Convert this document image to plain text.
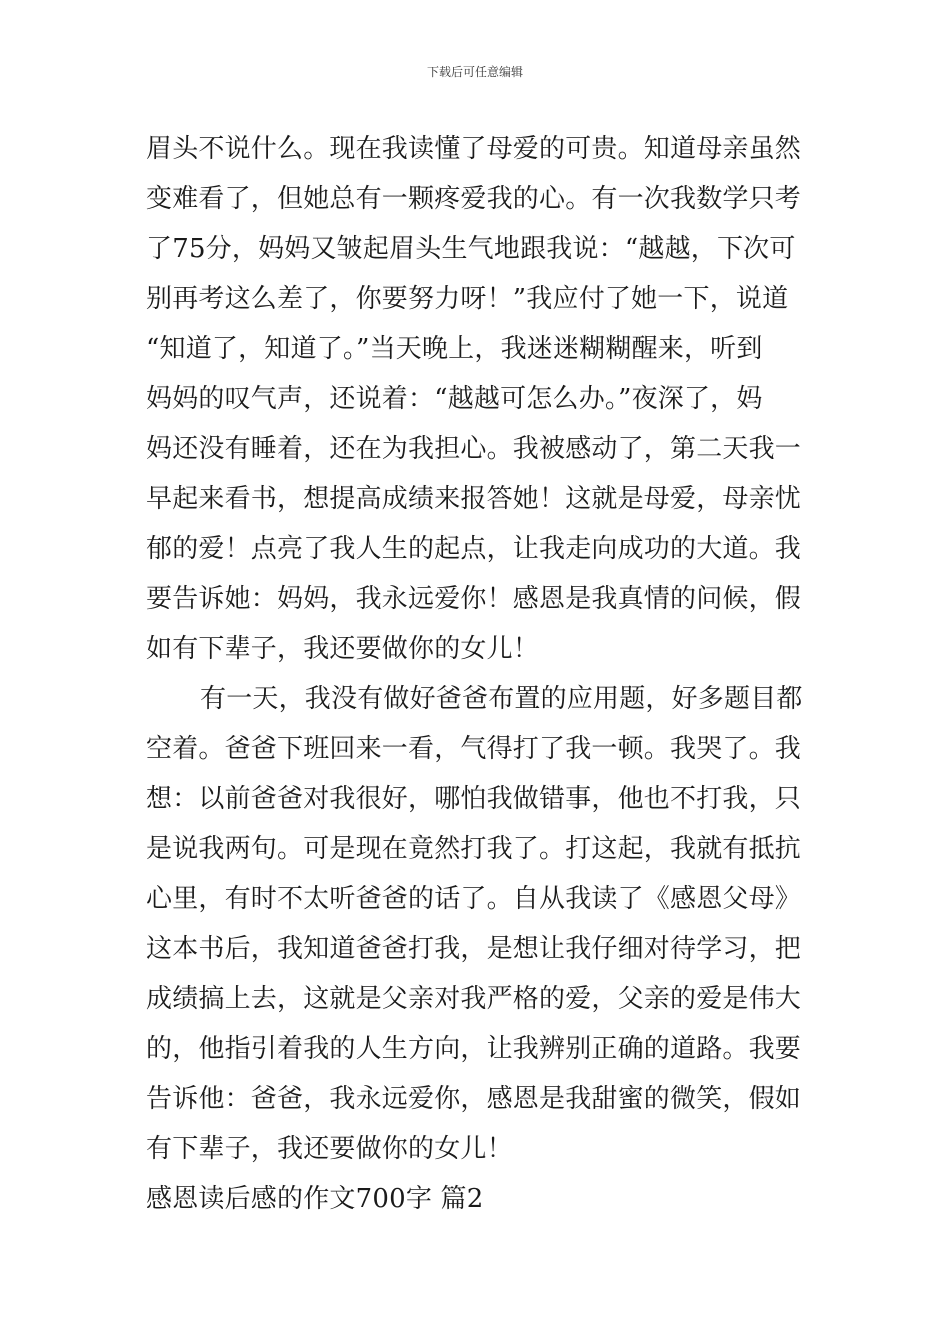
下载后可任意编辑
眉头不说什么。现在我读懂了母爱的可贵。知道母亲虽然
变难看了，但她总有一颗疼爱我的心。有一次我数学只考
了75分，妈妈又皱起眉头生气地跟我说：“越越，下次可
别再考这么差了，你要努力呀！”我应付了她一下，说道
“知道了，知道了。”当天晚上，我迷迷糊糊醒来，听到
妈妈的叹气声，还说着：“越越可怎么办。”夜深了，妈
妈还没有睡着，还在为我担心。我被感动了，第二天我一
早起来看书，想提高成绩来报答她！这就是母爱，母亲忧
郁的爱！点亮了我人生的起点，让我走向成功的大道。我
要告诉她：妈妈，我永远爱你！感恩是我真情的问候，假
如有下辈子，我还要做你的女儿！
有一天，我没有做好爸爸布置的应用题，好多题目都
空着。爸爸下班回来一看，气得打了我一顿。我哭了。我
想：以前爸爸对我很好，哪怕我做错事，他也不打我，只
是说我两句。可是现在竟然打我了。打这起，我就有抵抗
心里，有时不太听爸爸的话了。自从我读了《感恩父母》
这本书后，我知道爸爸打我，是想让我仔细对待学习，把
成绩搞上去，这就是父亲对我严格的爱，父亲的爱是伟大
的，他指引着我的人生方向，让我辨别正确的道路。我要
告诉他：爸爸，我永远爱你，感恩是我甜蜜的微笑，假如
有下辈子，我还要做你的女儿！
感恩读后感的作文700字 篇2
